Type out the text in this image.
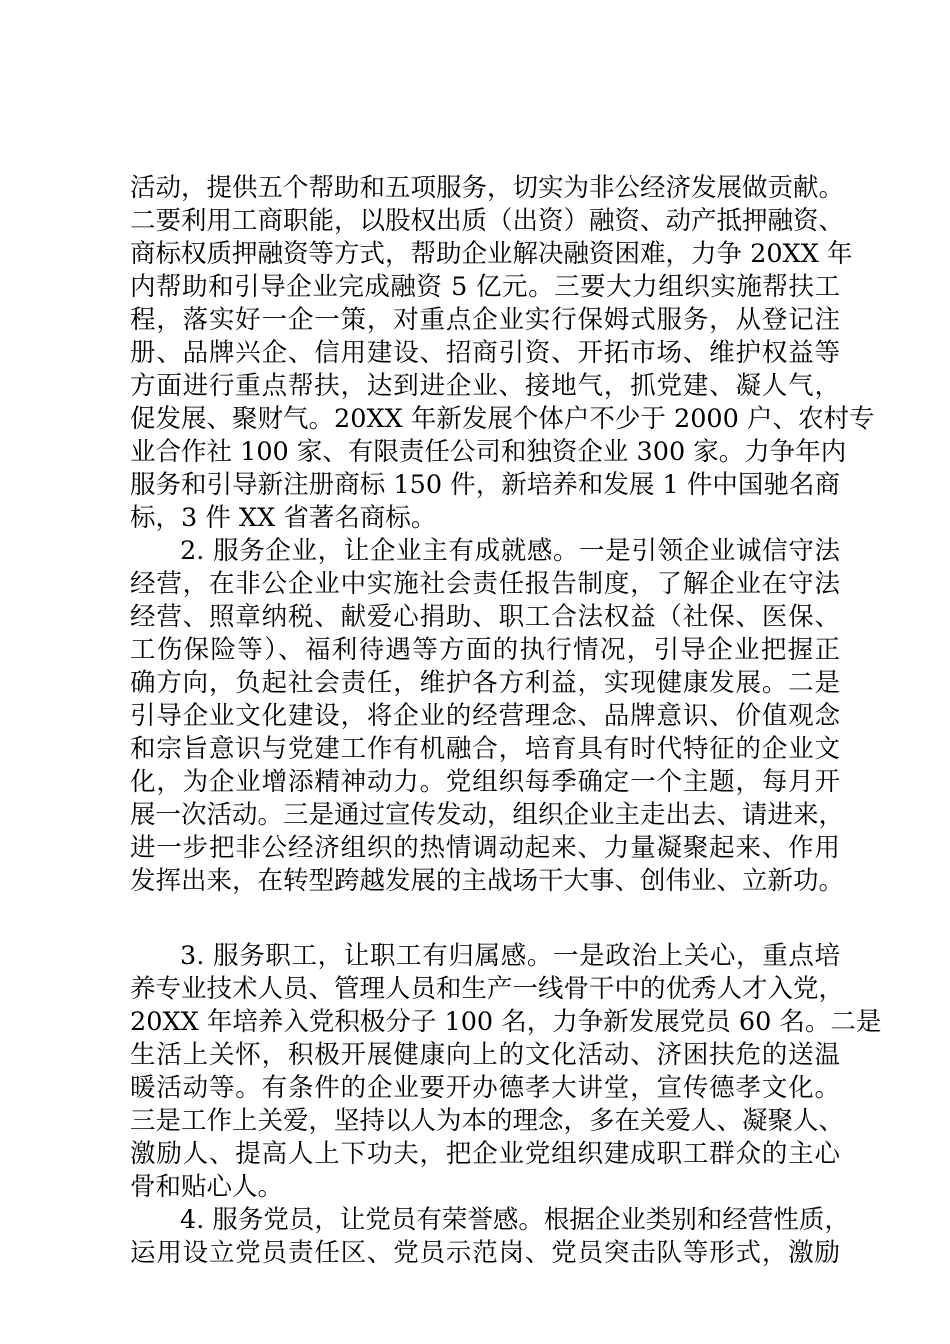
活动，提供五个帮助和五项服务，切实为非公经济发展做贡献。
二要利用工商职能，以股权出质（出资）融资、动产抵押融资、
商标权质押融资等方式，帮助企业解决融资困难，力争 20XX 年
内帮助和引导企业完成融资 5 亿元。三要大力组织实施帮扶工
程，落实好一企一策，对重点企业实行保姆式服务，从登记注
册、品牌兴企、信用建设、招商引资、开拓市场、维护权益等
方面进行重点帮扶，达到进企业、接地气，抓党建、凝人气，
促发展、聚财气。20XX 年新发展个体户不少于 2000 户、农村专
业合作社 100 家、有限责任公司和独资企业 300 家。力争年内
服务和引导新注册商标 150 件，新培养和发展 1 件中国驰名商
标，3 件 XX 省著名商标。
2. 服务企业，让企业主有成就感。一是引领企业诚信守法
经营，在非公企业中实施社会责任报告制度，了解企业在守法
经营、照章纳税、献爱心捐助、职工合法权益（社保、医保、
工伤保险等）、福利待遇等方面的执行情况，引导企业把握正
确方向，负起社会责任，维护各方利益，实现健康发展。二是
引导企业文化建设，将企业的经营理念、品牌意识、价值观念
和宗旨意识与党建工作有机融合，培育具有时代特征的企业文
化，为企业增添精神动力。党组织每季确定一个主题，每月开
展一次活动。三是通过宣传发动，组织企业主走出去、请进来，
进一步把非公经济组织的热情调动起来、力量凝聚起来、作用
发挥出来，在转型跨越发展的主战场干大事、创伟业、立新功。
3. 服务职工，让职工有归属感。一是政治上关心，重点培
养专业技术人员、管理人员和生产一线骨干中的优秀人才入党，
20XX 年培养入党积极分子 100 名，力争新发展党员 60 名。二是
生活上关怀，积极开展健康向上的文化活动、济困扶危的送温
暖活动等。有条件的企业要开办德孝大讲堂，宣传德孝文化。
三是工作上关爱，坚持以人为本的理念，多在关爱人、凝聚人、
激励人、提高人上下功夫，把企业党组织建成职工群众的主心
骨和贴心人。
4. 服务党员，让党员有荣誉感。根据企业类别和经营性质，
运用设立党员责任区、党员示范岗、党员突击队等形式，激励
